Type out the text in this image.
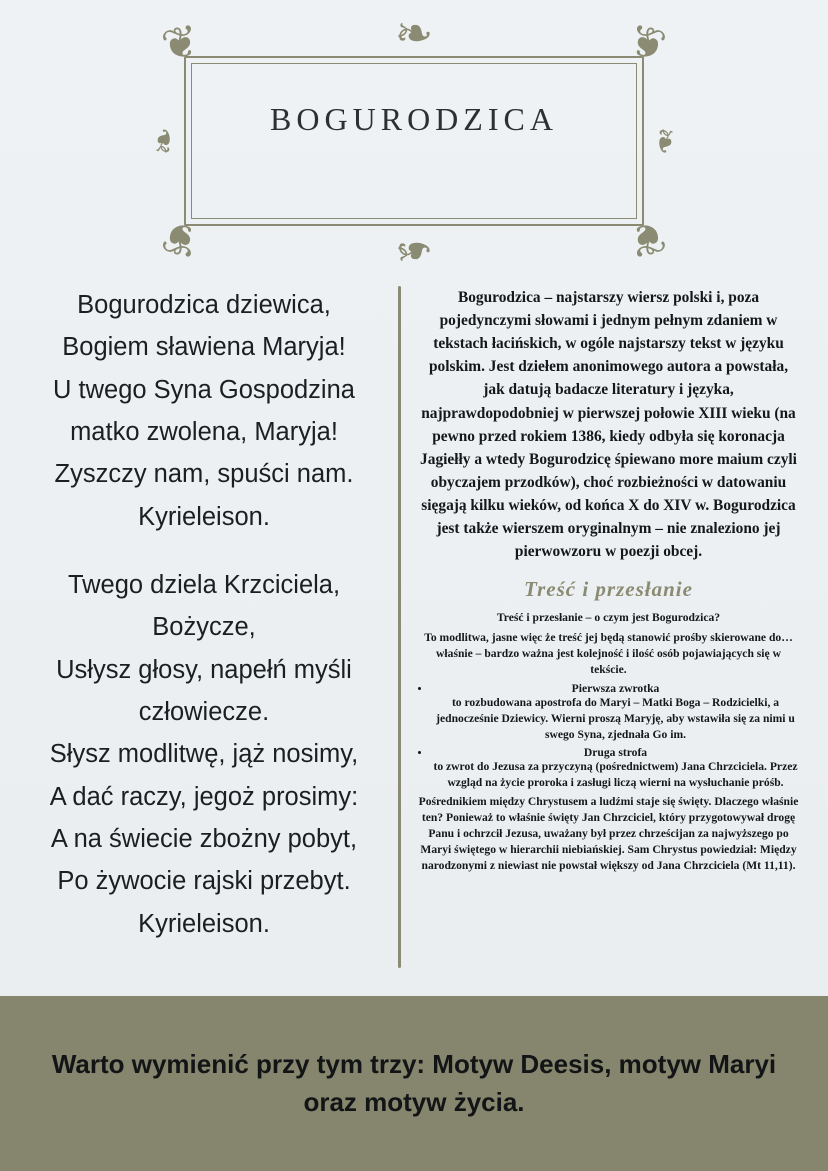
❦	❧	❦
❧	❧
❦	❧	❦
bogurodzica
Bogurodzica dziewica,
Bogiem sławiena Maryja!
U twego Syna Gospodzina
matko zwolena, Maryja!
Zyszczy nam, spuści nam.
Kyrieleison.
Twego dziela Krzciciela,
Bożycze,
Usłysz głosy, napełń myśli
człowiecze.
Słysz modlitwę, jąż nosimy,
A dać raczy, jegoż prosimy:
A na świecie zbożny pobyt,
Po żywocie rajski przebyt.
Kyrieleison.

Bogurodzica – najstarszy wiersz polski i, poza pojedynczymi słowami i jednym pełnym zdaniem w tekstach łacińskich, w ogóle najstarszy tekst w języku polskim. Jest dziełem anonimowego autora a powstała, jak datują badacze literatury i języka, najprawdopodobniej w pierwszej połowie XIII wieku (na pewno przed rokiem 1386, kiedy odbyła się koronacja Jagiełły a wtedy Bogurodzicę śpiewano more maium czyli obyczajem przodków), choć rozbieżności w datowaniu sięgają kilku wieków, od końca X do XIV w. Bogurodzica jest także wierszem oryginalnym – nie znaleziono jej pierwowzoru w poezji obcej.

Treść i przesłanie
Treść i przesłanie – o czym jest Bogurodzica?
To modlitwa, jasne więc że treść jej będą stanowić prośby skierowane do… właśnie – bardzo ważna jest kolejność i ilość osób pojawiających się w tekście.
• Pierwsza zwrotka
to rozbudowana apostrofa do Maryi – Matki Boga – Rodzicielki, a jednocześnie Dziewicy. Wierni proszą Maryję, aby wstawiła się za nimi u swego Syna, zjednała Go im.
• Druga strofa
to zwrot do Jezusa za przyczyną (pośrednictwem) Jana Chrzciciela. Przez wzgląd na życie proroka i zasługi liczą wierni na wysłuchanie próśb.
Pośrednikiem między Chrystusem a ludźmi staje się święty. Dlaczego właśnie ten? Ponieważ to właśnie święty Jan Chrzciciel, który przygotowywał drogę Panu i ochrzcił Jezusa, uważany był przez chrześcijan za najwyższego po Maryi świętego w hierarchii niebiańskiej. Sam Chrystus powiedział: Między narodzonymi z niewiast nie powstał większy od Jana Chrzciciela (Mt 11,11).
Warto wymienić przy tym trzy: Motyw Deesis, motyw Maryi oraz motyw życia.
